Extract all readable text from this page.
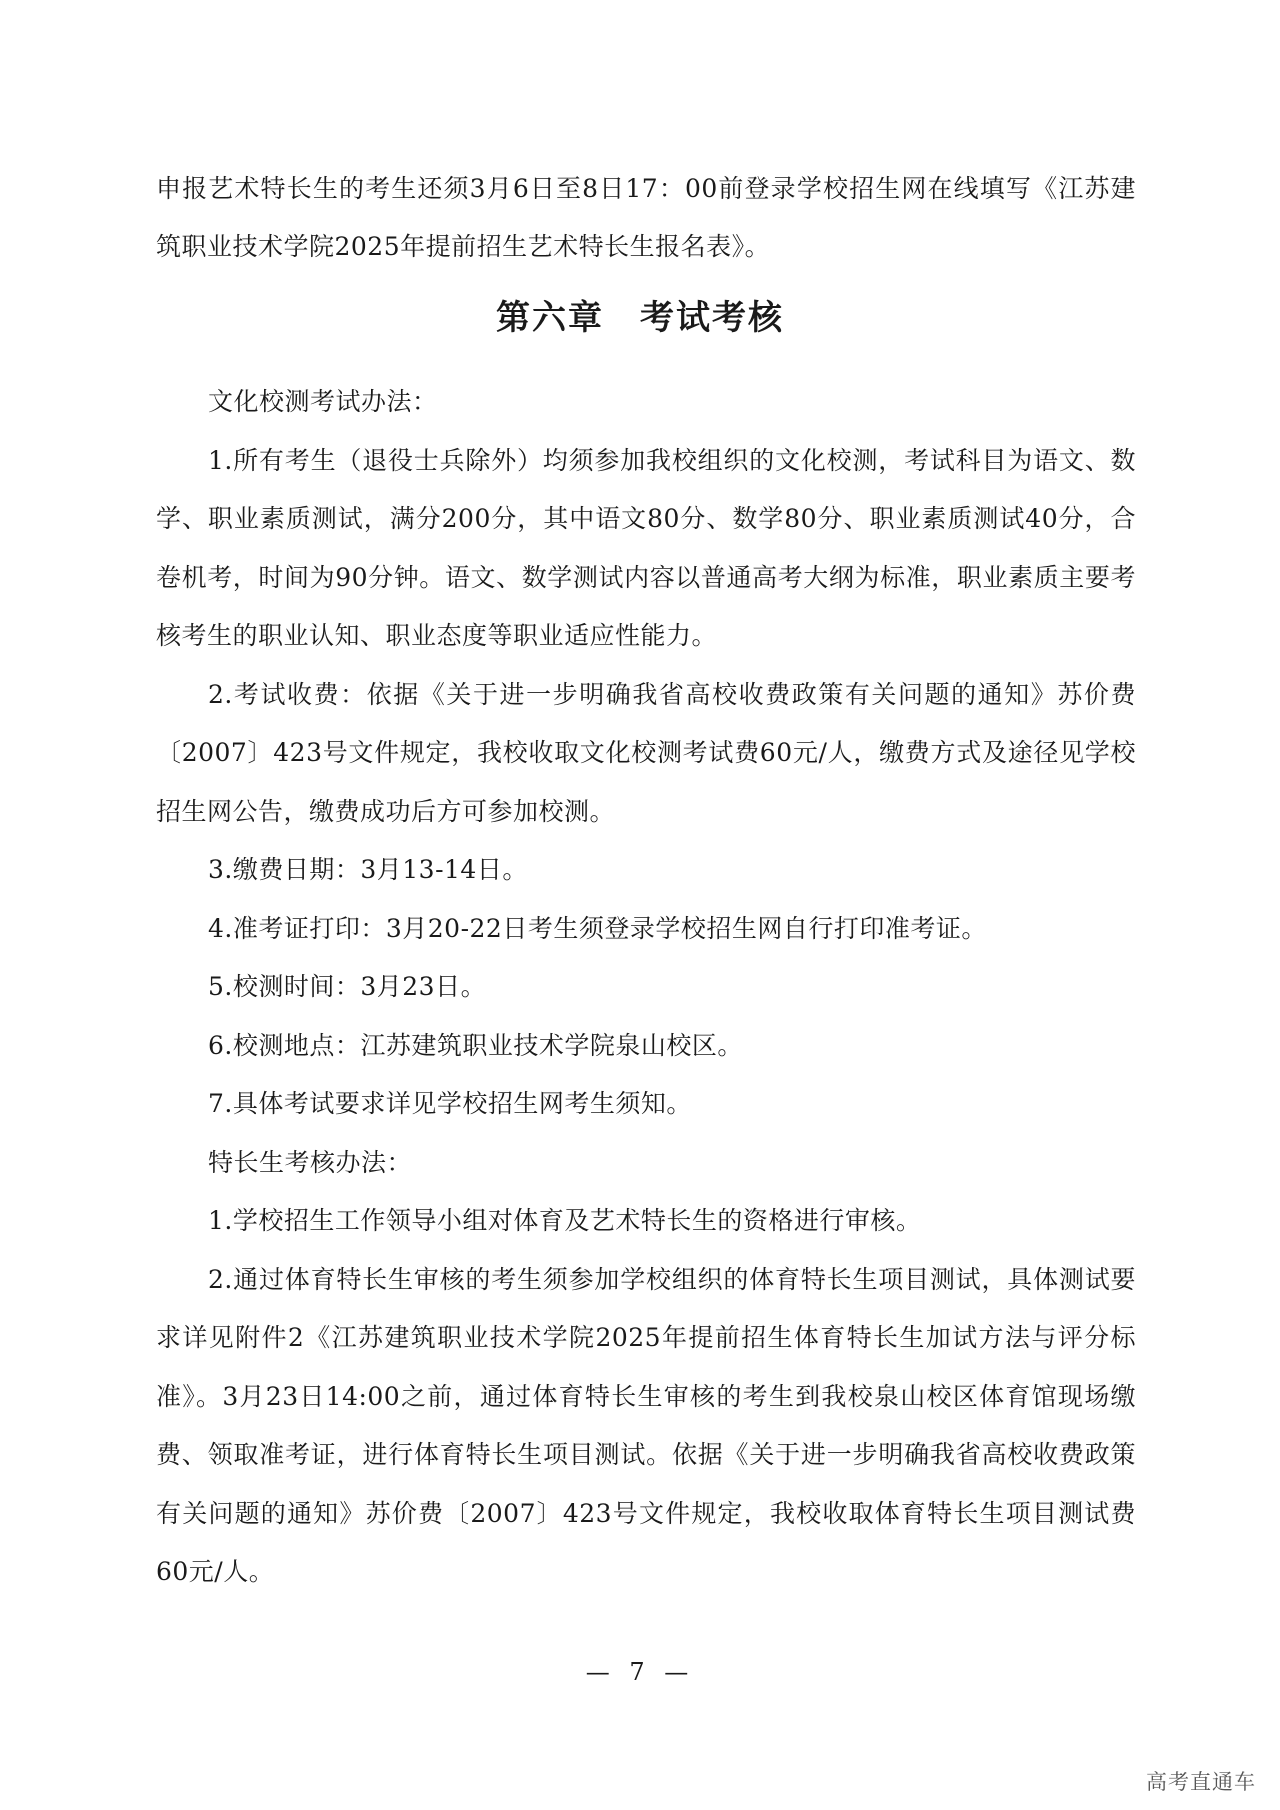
申报艺术特长生的考生还须3月6日至8日17：00前登录学校招生网在线填写《江苏建筑职业技术学院2025年提前招生艺术特长生报名表》。
第六章 考试考核

文化校测考试办法：

1.所有考生（退役士兵除外）均须参加我校组织的文化校测，考试科目为语文、数学、职业素质测试，满分200分，其中语文80分、数学80分、职业素质测试40分，合卷机考，时间为90分钟。语文、数学测试内容以普通高考大纲为标准，职业素质主要考核考生的职业认知、职业态度等职业适应性能力。

2.考试收费：依据《关于进一步明确我省高校收费政策有关问题的通知》苏价费〔2007〕423号文件规定，我校收取文化校测考试费60元/人，缴费方式及途径见学校招生网公告，缴费成功后方可参加校测。

3.缴费日期：3月13-14日。

4.准考证打印：3月20-22日考生须登录学校招生网自行打印准考证。

5.校测时间：3月23日。

6.校测地点：江苏建筑职业技术学院泉山校区。

7.具体考试要求详见学校招生网考生须知。

特长生考核办法：

1.学校招生工作领导小组对体育及艺术特长生的资格进行审核。

2.通过体育特长生审核的考生须参加学校组织的体育特长生项目测试，具体测试要求详见附件2《江苏建筑职业技术学院2025年提前招生体育特长生加试方法与评分标准》。3月23日14:00之前，通过体育特长生审核的考生到我校泉山校区体育馆现场缴费、领取准考证，进行体育特长生项目测试。依据《关于进一步明确我省高校收费政策有关问题的通知》苏价费〔2007〕423号文件规定，我校收取体育特长生项目测试费60元/人。

— 7 —
高考直通车
